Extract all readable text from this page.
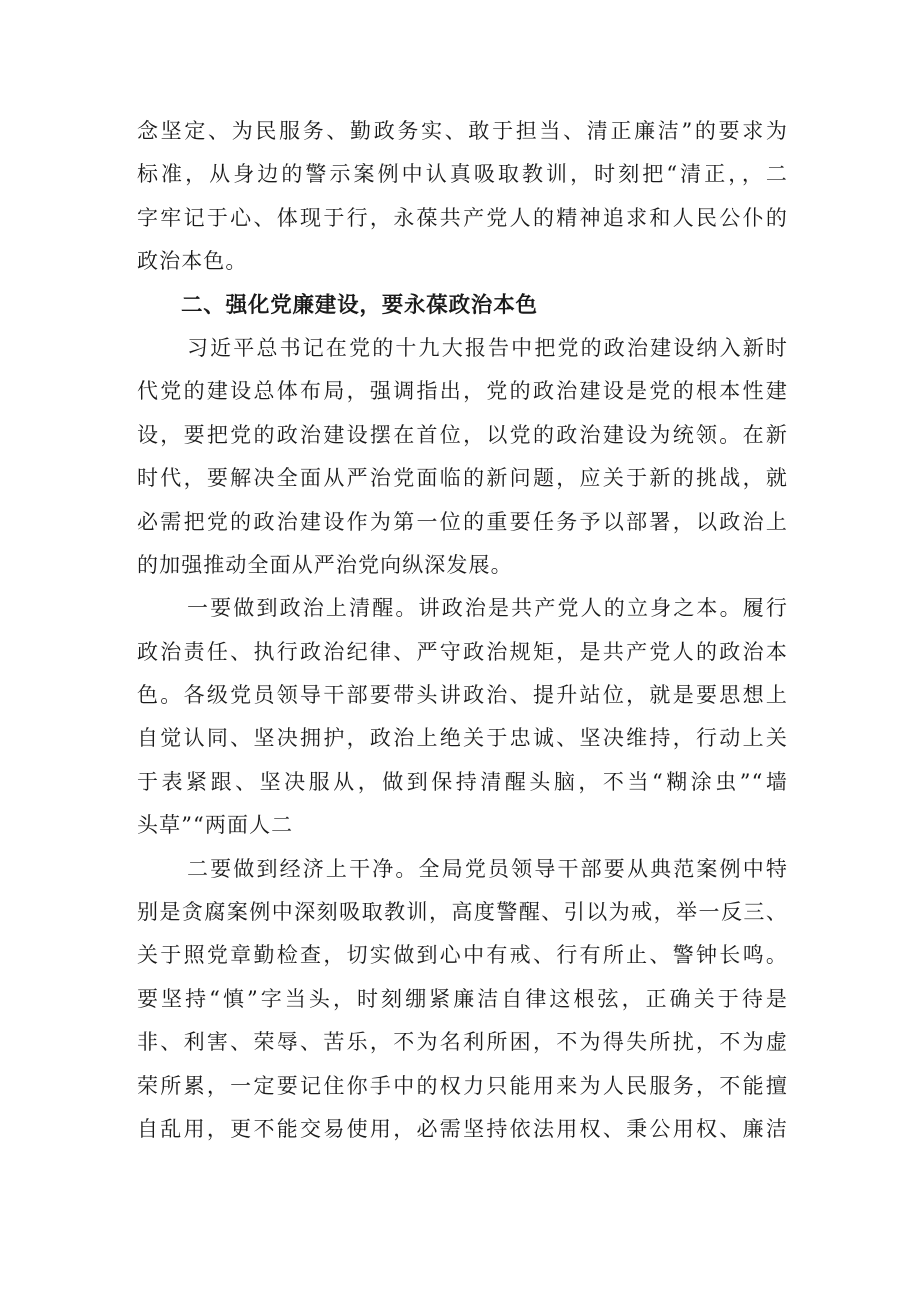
念坚定、为民服务、勤政务实、敢于担当、清正廉洁”的要求为
标准，从身边的警示案例中认真吸取教训，时刻把“清正，，二
字牢记于心、体现于行，永葆共产党人的精神追求和人民公仆的
政治本色。
二、强化党廉建设，要永葆政治本色
习近平总书记在党的十九大报告中把党的政治建设纳入新时
代党的建设总体布局，强调指出，党的政治建设是党的根本性建
设，要把党的政治建设摆在首位，以党的政治建设为统领。在新
时代，要解决全面从严治党面临的新问题，应关于新的挑战，就
必需把党的政治建设作为第一位的重要任务予以部署，以政治上
的加强推动全面从严治党向纵深发展。
一要做到政治上清醒。讲政治是共产党人的立身之本。履行
政治责任、执行政治纪律、严守政治规矩，是共产党人的政治本
色。各级党员领导干部要带头讲政治、提升站位，就是要思想上
自觉认同、坚决拥护，政治上绝关于忠诚、坚决维持，行动上关
于表紧跟、坚决服从，做到保持清醒头脑，不当“糊涂虫”“墙
头草”“两面人二
二要做到经济上干净。全局党员领导干部要从典范案例中特
别是贪腐案例中深刻吸取教训，高度警醒、引以为戒，举一反三、
关于照党章勤检查，切实做到心中有戒、行有所止、警钟长鸣。
要坚持“慎”字当头，时刻绷紧廉洁自律这根弦，正确关于待是
非、利害、荣辱、苦乐，不为名利所困，不为得失所扰，不为虚
荣所累，一定要记住你手中的权力只能用来为人民服务，不能擅
自乱用，更不能交易使用，必需坚持依法用权、秉公用权、廉洁
